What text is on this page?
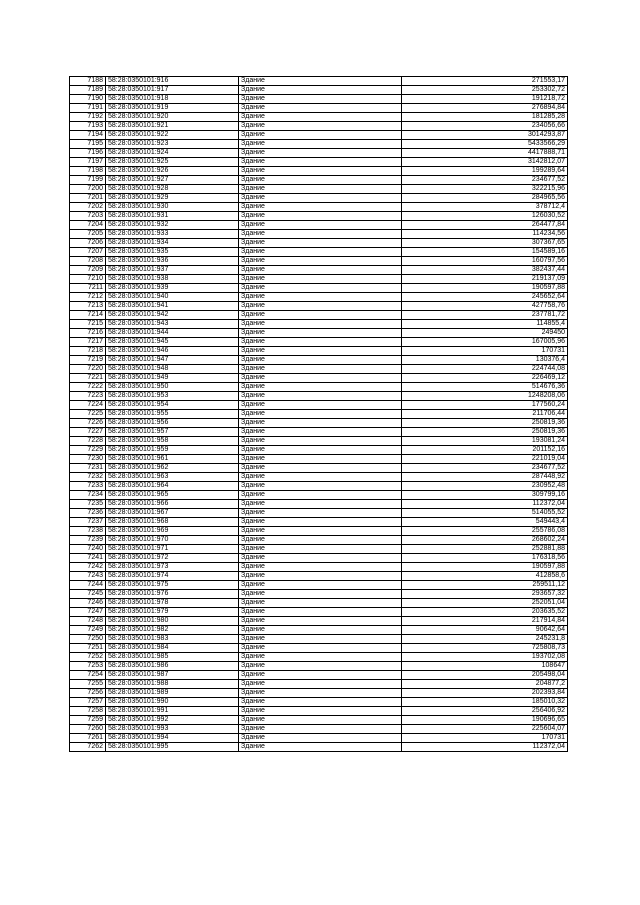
7188	58:28:0350101:916	Здание	271553,17
7189	58:28:0350101:917	Здание	253302,72
7190	58:28:0350101:918	Здание	191218,72
7191	58:28:0350101:919	Здание	276894,84
7192	58:28:0350101:920	Здание	181285,28
7193	58:28:0350101:921	Здание	234056,66
7194	58:28:0350101:922	Здание	3014293,87
7195	58:28:0350101:923	Здание	5433566,29
7196	58:28:0350101:924	Здание	4417888,71
7197	58:28:0350101:925	Здание	3142812,07
7198	58:28:0350101:926	Здание	199289,64
7199	58:28:0350101:927	Здание	234677,52
7200	58:28:0350101:928	Здание	322215,96
7201	58:28:0350101:929	Здание	284965,56
7202	58:28:0350101:930	Здание	378712,4
7203	58:28:0350101:931	Здание	126030,52
7204	58:28:0350101:932	Здание	264477,84
7205	58:28:0350101:933	Здание	114234,56
7206	58:28:0350101:934	Здание	307367,65
7207	58:28:0350101:935	Здание	154589,16
7208	58:28:0350101:936	Здание	160797,56
7209	58:28:0350101:937	Здание	382437,44
7210	58:28:0350101:938	Здание	219137,09
7211	58:28:0350101:939	Здание	190597,88
7212	58:28:0350101:940	Здание	245652,64
7213	58:28:0350101:941	Здание	427758,76
7214	58:28:0350101:942	Здание	237781,72
7215	58:28:0350101:943	Здание	114855,4
7216	58:28:0350101:944	Здание	249450
7217	58:28:0350101:945	Здание	167005,96
7218	58:28:0350101:946	Здание	170731
7219	58:28:0350101:947	Здание	130376,4
7220	58:28:0350101:948	Здание	224744,08
7221	58:28:0350101:949	Здание	226469,12
7222	58:28:0350101:950	Здание	514676,36
7223	58:28:0350101:953	Здание	1248208,06
7224	58:28:0350101:954	Здание	177560,24
7225	58:28:0350101:955	Здание	211706,44
7226	58:28:0350101:956	Здание	250819,36
7227	58:28:0350101:957	Здание	250819,36
7228	58:28:0350101:958	Здание	193081,24
7229	58:28:0350101:959	Здание	201152,16
7230	58:28:0350101:961	Здание	221019,04
7231	58:28:0350101:962	Здание	234677,52
7232	58:28:0350101:963	Здание	287448,92
7233	58:28:0350101:964	Здание	230952,48
7234	58:28:0350101:965	Здание	309799,16
7235	58:28:0350101:966	Здание	112372,04
7236	58:28:0350101:967	Здание	514055,52
7237	58:28:0350101:968	Здание	549443,4
7238	58:28:0350101:969	Здание	255786,08
7239	58:28:0350101:970	Здание	268602,24
7240	58:28:0350101:971	Здание	252881,88
7241	58:28:0350101:972	Здание	176318,56
7242	58:28:0350101:973	Здание	190597,88
7243	58:28:0350101:974	Здание	412858,6
7244	58:28:0350101:975	Здание	259511,12
7245	58:28:0350101:976	Здание	293657,32
7246	58:28:0350101:978	Здание	252051,04
7247	58:28:0350101:979	Здание	203635,52
7248	58:28:0350101:980	Здание	217914,84
7249	58:28:0350101:982	Здание	90642,64
7250	58:28:0350101:983	Здание	245231,8
7251	58:28:0350101:984	Здание	725808,73
7252	58:28:0350101:985	Здание	193702,08
7253	58:28:0350101:986	Здание	108647
7254	58:28:0350101:987	Здание	205498,04
7255	58:28:0350101:988	Здание	204877,2
7256	58:28:0350101:989	Здание	202393,84
7257	58:28:0350101:990	Здание	185010,32
7258	58:28:0350101:991	Здание	256406,92
7259	58:28:0350101:992	Здание	190696,65
7260	58:28:0350101:993	Здание	225604,07
7261	58:28:0350101:994	Здание	170731
7262	58:28:0350101:995	Здание	112372,04
